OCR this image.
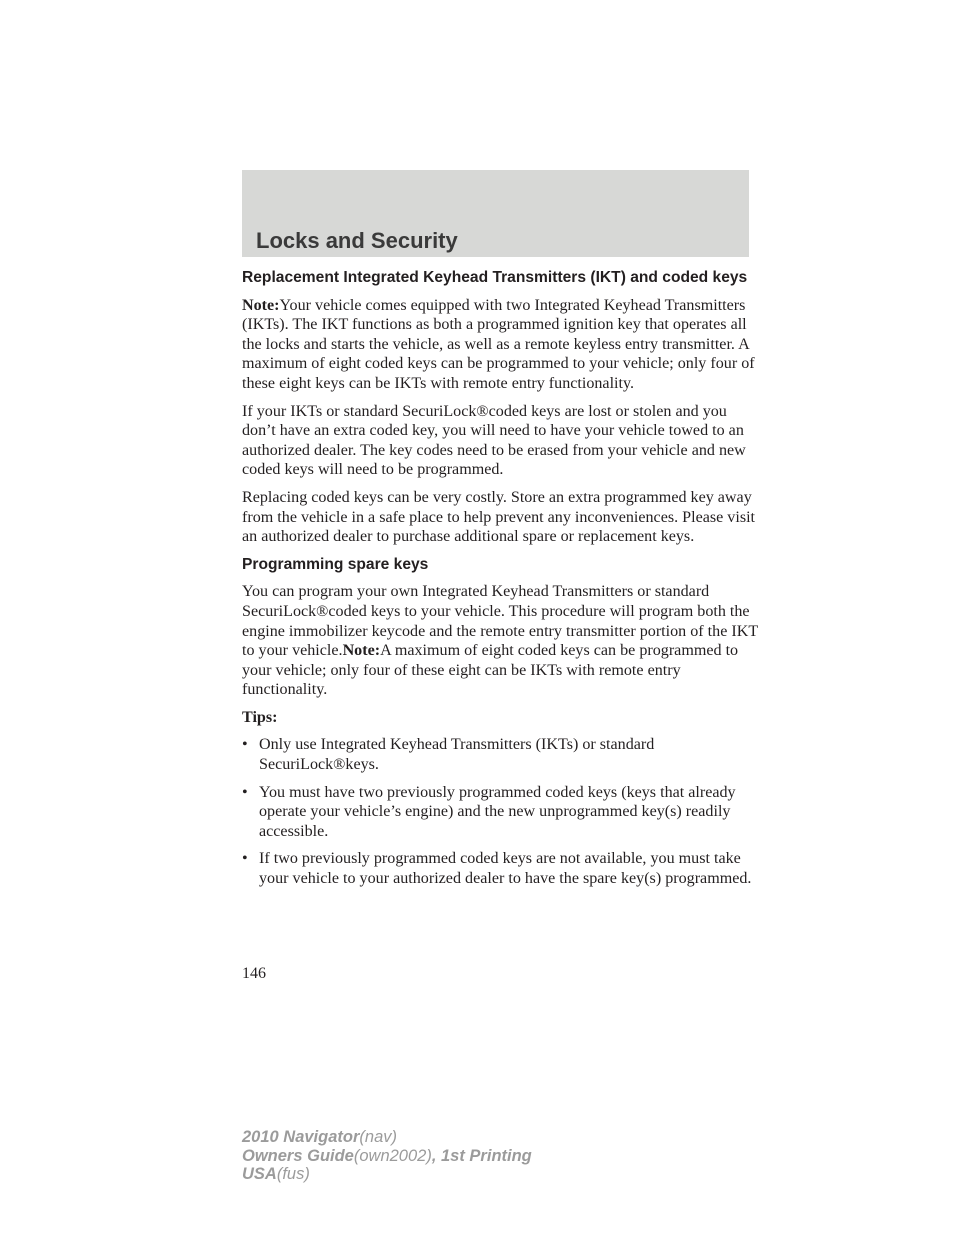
Locks and Security
Replacement Integrated Keyhead Transmitters (IKT) and coded keys

Note:Your vehicle comes equipped with two Integrated Keyhead Transmitters (IKTs). The IKT functions as both a programmed ignition key that operates all the locks and starts the vehicle, as well as a remote keyless entry transmitter. A maximum of eight coded keys can be programmed to your vehicle; only four of these eight keys can be IKTs with remote entry functionality.

If your IKTs or standard SecuriLock®coded keys are lost or stolen and you don’t have an extra coded key, you will need to have your vehicle towed to an authorized dealer. The key codes need to be erased from your vehicle and new coded keys will need to be programmed.

Replacing coded keys can be very costly. Store an extra programmed key away from the vehicle in a safe place to help prevent any inconveniences. Please visit an authorized dealer to purchase additional spare or replacement keys.

Programming spare keys

You can program your own Integrated Keyhead Transmitters or standard SecuriLock®coded keys to your vehicle. This procedure will program both the engine immobilizer keycode and the remote entry transmitter portion of the IKT to your vehicle.Note:A maximum of eight coded keys can be programmed to your vehicle; only four of these eight can be IKTs with remote entry functionality.

Tips:

• Only use Integrated Keyhead Transmitters (IKTs) or standard SecuriLock®keys.
• You must have two previously programmed coded keys (keys that already operate your vehicle’s engine) and the new unprogrammed key(s) readily accessible.
• If two previously programmed coded keys are not available, you must take your vehicle to your authorized dealer to have the spare key(s) programmed.
146
2010 Navigator(nav)
Owners Guide(own2002), 1st Printing
USA(fus)
